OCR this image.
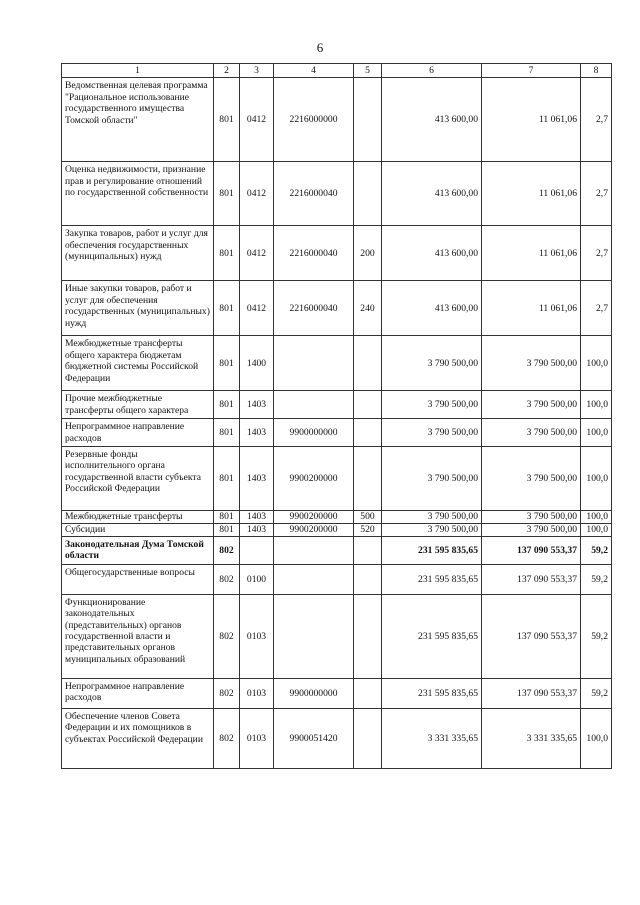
6
1	2	3	4	5	6	7	8
Ведомственная целевая программа "Рациональное использование государственного имущества Томской области"	801	0412	2216000000		413 600,00	11 061,06	2,7
Оценка недвижимости, признание прав и регулирование отношений по государственной собственности	801	0412	2216000040		413 600,00	11 061,06	2,7
Закупка товаров, работ и услуг для обеспечения государственных (муниципальных) нужд	801	0412	2216000040	200	413 600,00	11 061,06	2,7
Иные закупки товаров, работ и услуг для обеспечения государственных (муниципальных) нужд	801	0412	2216000040	240	413 600,00	11 061,06	2,7
Межбюджетные трансферты общего характера бюджетам бюджетной системы Российской Федерации	801	1400			3 790 500,00	3 790 500,00	100,0
Прочие межбюджетные трансферты общего характера	801	1403			3 790 500,00	3 790 500,00	100,0
Непрограммное направление расходов	801	1403	9900000000		3 790 500,00	3 790 500,00	100,0
Резервные фонды исполнительного органа государственной власти субъекта Российской Федерации	801	1403	9900200000		3 790 500,00	3 790 500,00	100,0
Межбюджетные трансферты	801	1403	9900200000	500	3 790 500,00	3 790 500,00	100,0
Субсидии	801	1403	9900200000	520	3 790 500,00	3 790 500,00	100,0
Законодательная Дума Томской области	802				231 595 835,65	137 090 553,37	59,2
Общегосударственные вопросы	802	0100			231 595 835,65	137 090 553,37	59,2
Функционирование законодательных (представительных) органов государственной власти и представительных органов муниципальных образований	802	0103			231 595 835,65	137 090 553,37	59,2
Непрограммное направление расходов	802	0103	9900000000		231 595 835,65	137 090 553,37	59,2
Обеспечение членов Совета Федерации и их помощников в субъектах Российской Федерации	802	0103	9900051420		3 331 335,65	3 331 335,65	100,0
